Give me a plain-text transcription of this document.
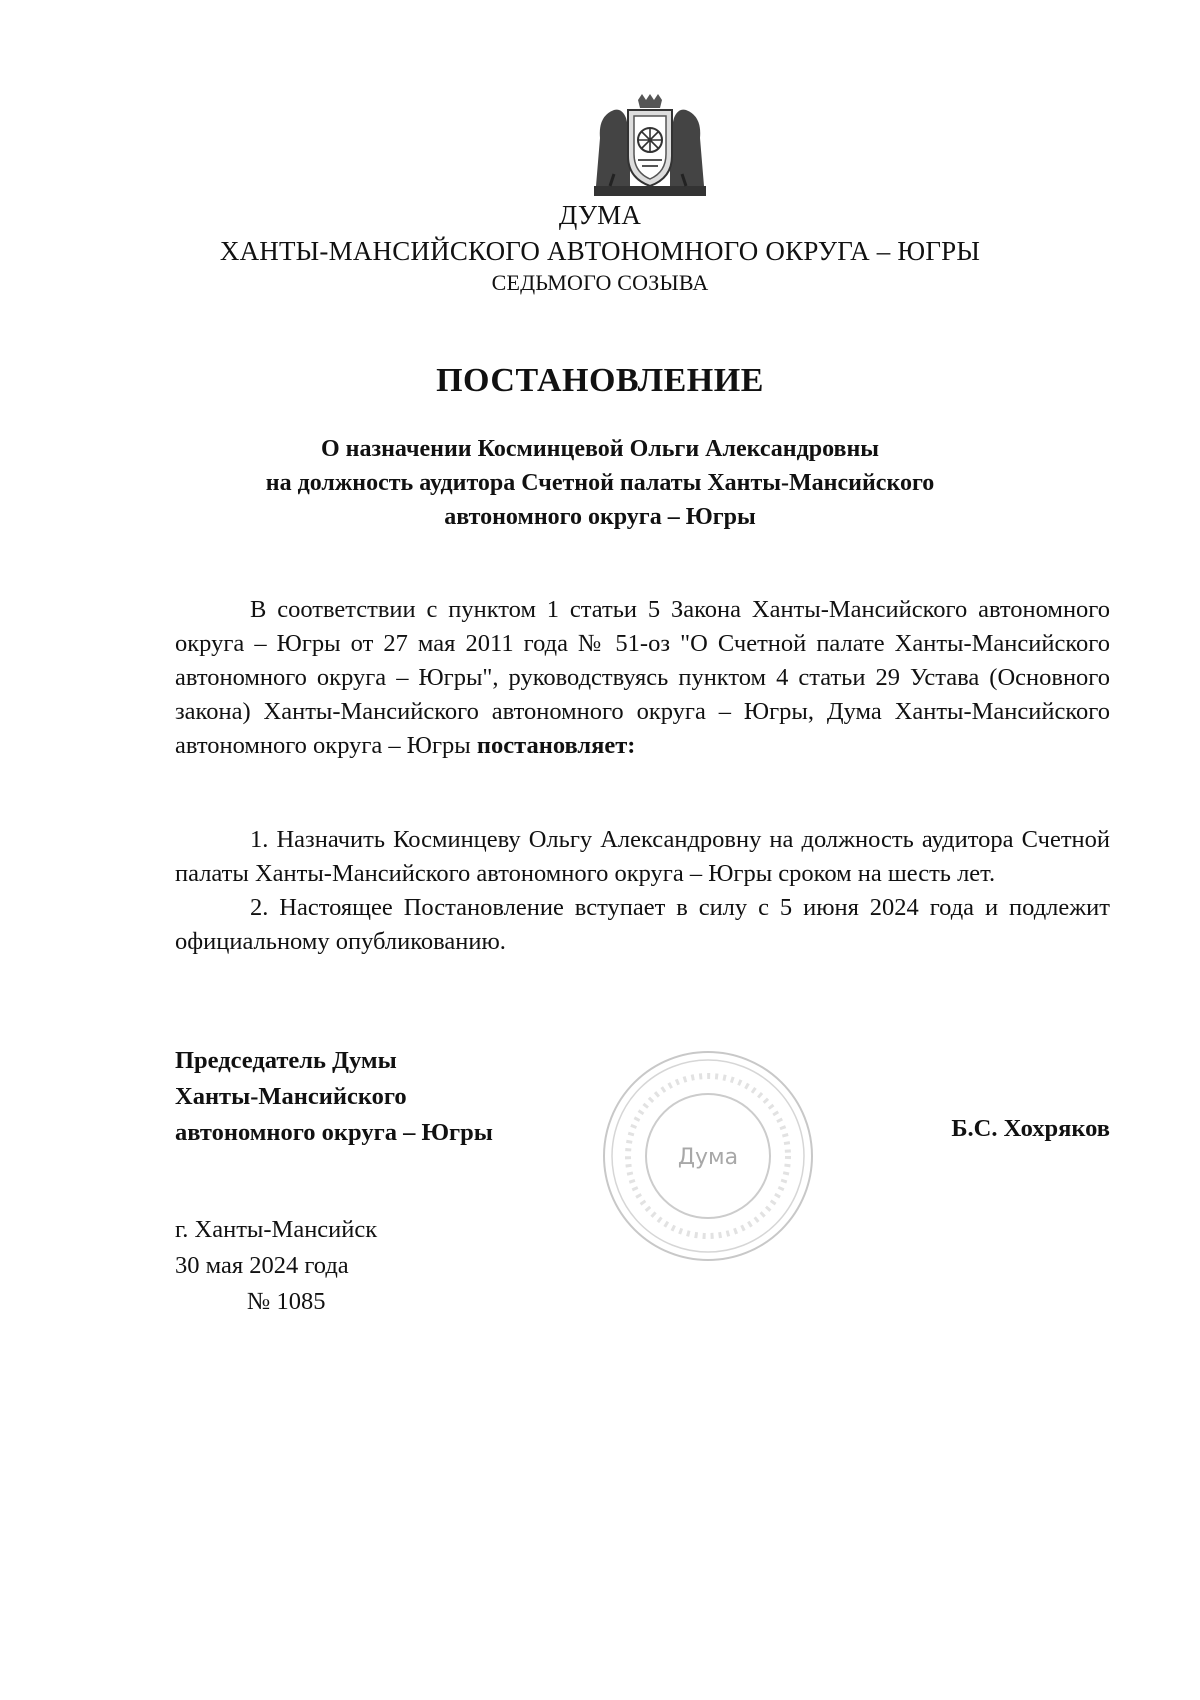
ДУМА
ХАНТЫ-МАНСИЙСКОГО АВТОНОМНОГО ОКРУГА – ЮГРЫ
СЕДЬМОГО СОЗЫВА
ПОСТАНОВЛЕНИЕ
О назначении Косминцевой Ольги Александровны
на должность аудитора Счетной палаты Ханты-Мансийского
автономного округа – Югры

В соответствии с пунктом 1 статьи 5 Закона Ханты-Мансийского автономного округа – Югры от 27 мая 2011 года № 51-оз "О Счетной палате Ханты-Мансийского автономного округа – Югры", руководствуясь пунктом 4 статьи 29 Устава (Основного закона) Ханты-Мансийского автономного округа – Югры, Дума Ханты-Мансийского автономного округа – Югры постановляет:

1. Назначить Косминцеву Ольгу Александровну на должность аудитора Счетной палаты Ханты-Мансийского автономного округа – Югры сроком на шесть лет.

2. Настоящее Постановление вступает в силу с 5 июня 2024 года и подлежит официальному опубликованию.

Председатель Думы
Ханты-Мансийского
автономного округа – Югры
Дума
Б.С. Хохряков
г. Ханты-Мансийск
30 мая 2024 года
№ 1085
